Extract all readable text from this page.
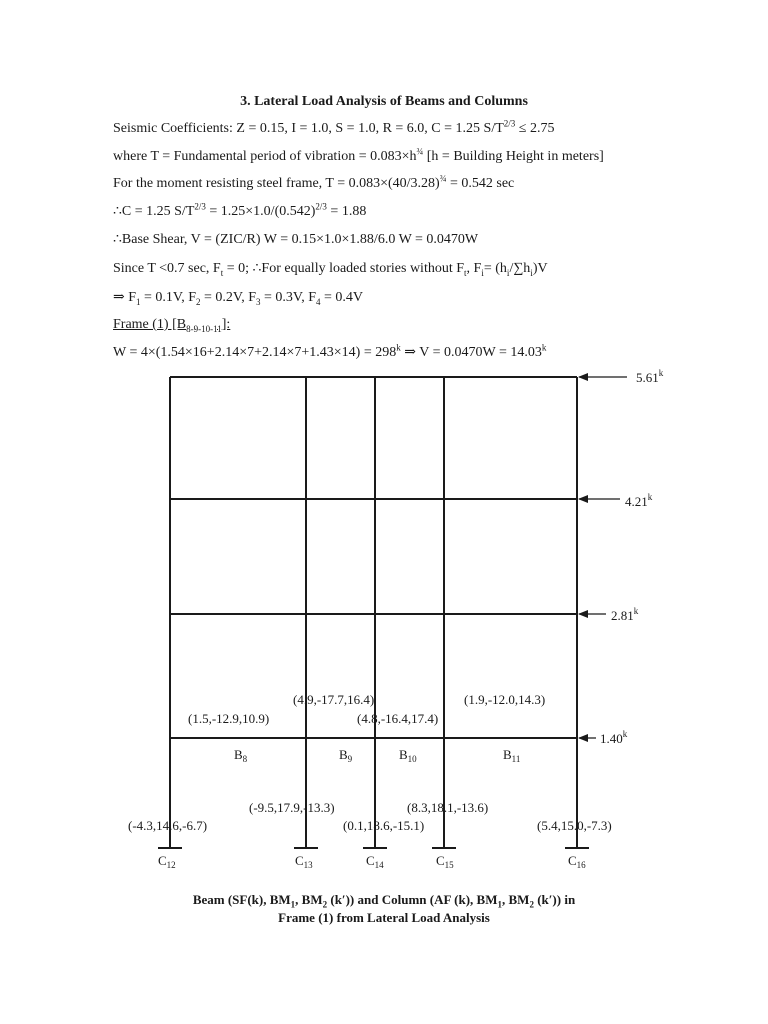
3. Lateral Load Analysis of Beams and Columns
Seismic Coefficients: Z = 0.15, I = 1.0, S = 1.0, R = 6.0, C = 1.25 $S/T^{2/3} \le 2.75$
where T = Fundamental period of vibration = $0.083\times h^{\frac{3}{4}}$ [h = Building Height in meters]
For the moment resisting steel frame, $T = 0.083\times(40/3.28)^{\frac{3}{4}} = 0.542$ sec
∴C = 1.25 $S/T^{2/3} = 1.25\times 1.0/(0.542)^{2/3} = 1.88$
∴Base Shear, V = (ZIC/R) W = 0.15×1.0×1.88/6.0 W = 0.0470W
Since T <0.7 sec, $F_t = 0$; ∴For equally loaded stories without $F_t$, $F_i= (h_i/\sum h_i)V$
⇒ $F_1 = 0.1V$, $F_2 = 0.2V$, $F_3 = 0.3V$, $F_4 = 0.4V$
Frame (1) $[B_{8-9-10-11}]$:
$W = 4\times(1.54\times 16+2.14\times 7+2.14\times 7+1.43\times 14) = 298^k$ ⇒ $V = 0.0470W = 14.03^k$
5.61$^k$
4.21$^k$
2.81$^k$
1.40$^k$
(1.5,-12.9,10.9)
(4.9,-17.7,16.4)
(4.8,-16.4,17.4)
(1.9,-12.0,14.3)
$B_8$	$B_9$	$B_{10}$	$B_{11}$
(-4.3,14.6,-6.7)
(-9.5,17.9,-13.3)
(0.1,18.6,-15.1)
(8.3,18.1,-13.6)
(5.4,15.0,-7.3)
$C_{12}$	$C_{13}$	$C_{14}$	$C_{15}$	$C_{16}$
Beam (SF(k), $BM_1$, $BM_2$ (k′)) and Column (AF (k), $BM_1$, $BM_2$ (k′)) in
Frame (1) from Lateral Load Analysis
